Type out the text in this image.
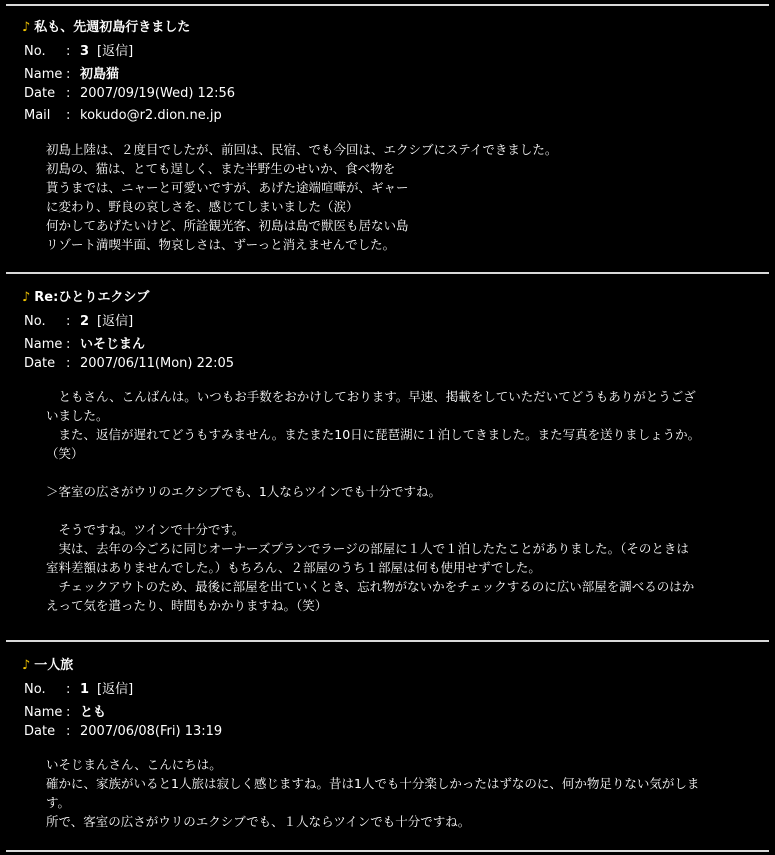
♪ 私も、先週初島行きました
No. : 3 [返信]
Name : 初島猫
Date : 2007/09/19(Wed) 12:56
Mail : kokudo@r2.dion.ne.jp
初島上陸は、２度目でしたが、前回は、民宿、でも今回は、エクシブにステイできました。
初島の、猫は、とても逞しく、また半野生のせいか、食べ物を
貰うまでは、ニャーと可愛いですが、あげた途端喧嘩が、ギャー
に変わり、野良の哀しさを、感じてしまいました（涙）
何かしてあげたいけど、所詮観光客、初島は島で獣医も居ない島
リゾート満喫半面、物哀しさは、ずーっと消えませんでした。
♪ Re:ひとりエクシブ
No. : 2 [返信]
Name : いそじまん
Date : 2007/06/11(Mon) 22:05
　ともさん、こんばんは。いつもお手数をおかけしております。早速、掲載をしていただいてどうもありがとうござ
いました。
　また、返信が遅れてどうもすみません。またまた10日に琵琶湖に１泊してきました。また写真を送りましょうか。
（笑）

＞客室の広さがウリのエクシブでも、1人ならツインでも十分ですね。

　そうですね。ツインで十分です。
　実は、去年の今ごろに同じオーナーズプランでラージの部屋に１人で１泊したたことがありました。（そのときは
室料差額はありませんでした。）もちろん、２部屋のうち１部屋は何も使用せずでした。
　チェックアウトのため、最後に部屋を出ていくとき、忘れ物がないかをチェックするのに広い部屋を調べるのはか
えって気を遣ったり、時間もかかりますね。（笑）
♪ 一人旅
No. : 1 [返信]
Name : とも
Date : 2007/06/08(Fri) 13:19
いそじまんさん、こんにちは。
確かに、家族がいると1人旅は寂しく感じますね。昔は1人でも十分楽しかったはずなのに、何か物足りない気がしま
す。
所で、客室の広さがウリのエクシブでも、１人ならツインでも十分ですね。
